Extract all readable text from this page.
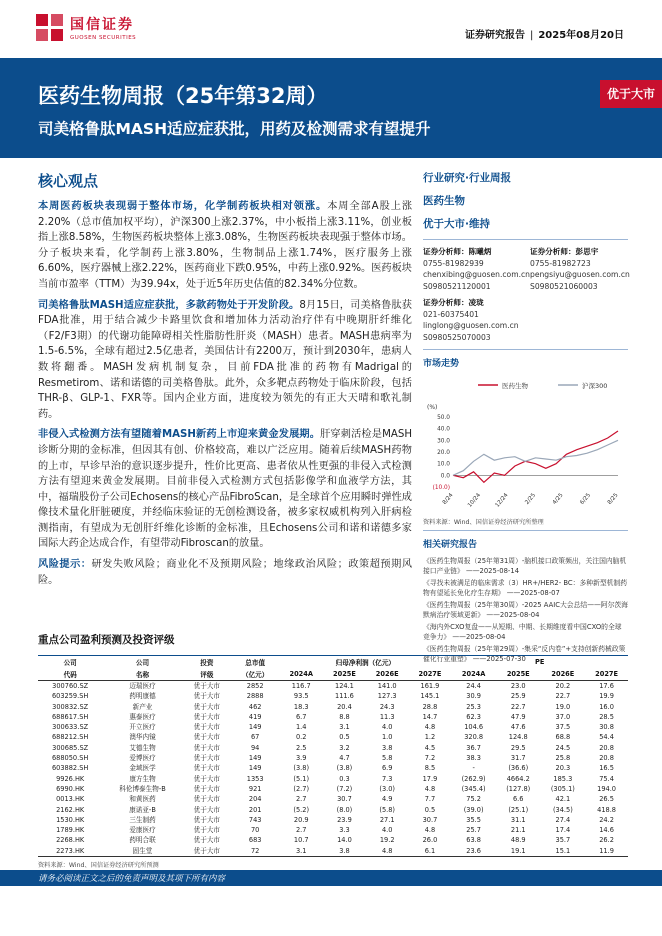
国信证券
GUOSEN SECURITIES	证券研究报告 | 2025年08月20日
医药生物周报（25年第32周）
司美格鲁肽MASH适应症获批，用药及检测需求有望提升
优于大市
核心观点

本周医药板块表现弱于整体市场，化学制药板块相对领涨。本周全部A股上涨2.20%（总市值加权平均），沪深300上涨2.37%，中小板指上涨3.11%，创业板指上涨8.58%，生物医药板块整体上涨3.08%，生物医药板块表现强于整体市场。分子板块来看，化学制药上涨3.80%，生物制品上涨1.74%，医疗服务上涨6.60%，医疗器械上涨2.22%，医药商业下跌0.95%，中药上涨0.92%。医药板块当前市盈率（TTM）为39.94x，处于近5年历史估值的82.34%分位数。

司美格鲁肽MASH适应症获批，多款药物处于开发阶段。8月15日，司美格鲁肽获FDA批准，用于结合减少卡路里饮食和增加体力活动治疗伴有中晚期肝纤维化（F2/F3期）的代谢功能障碍相关性脂肪性肝炎（MASH）患者。MASH患病率为1.5-6.5%，全球有超过2.5亿患者，美国估计有2200万，预计到2030年，患病人数将翻番。MASH发病机制复杂，目前FDA批准的药物有Madrigal的Resmetirom、诺和诺德的司美格鲁肽。此外，众多靶点药物处于临床阶段，包括THR-β、GLP-1、FXR等。国内企业方面，进度较为领先的有正大天晴和歌礼制药。

非侵入式检测方法有望随着MASH新药上市迎来黄金发展期。肝穿刺活检是MASH诊断分期的金标准，但因其有创、价格较高，难以广泛应用。随着后续MASH药物的上市，早诊早治的意识逐步提升，性价比更高、患者依从性更强的非侵入式检测方法有望迎来黄金发展期。目前非侵入式检测方式包括影像学和血液学方法，其中，福瑞股份子公司Echosens的核心产品FibroScan，是全球首个应用瞬时弹性成像技术量化肝脏硬度，并经临床验证的无创检测设备，被多家权威机构列入肝病检测指南，有望成为无创肝纤维化诊断的金标准，且Echosens公司和诺和诺德多家国际大药企达成合作，有望带动Fibroscan的放量。

风险提示：研发失败风险；商业化不及预期风险；地缘政治风险；政策超预期风险。

行业研究·行业周报
医药生物
优于大市·维持
证券分析师：陈曦炳
0755-81982939
chenxibing@guosen.com.cn
S0980521120001
证券分析师：彭思宇
0755-81982723
pengsiyu@guosen.com.cn
S0980521060003
证券分析师：凌珑
021-60375401
linglong@guosen.com.cn
S0980525070003
市场走势
医药生物	沪深300
(%)
50.0
40.0
30.0
20.0
10.0
0.0
(10.0)
8/24 10/24 12/24	2/25	4/25	6/25	8/25
资料来源：Wind、国信证券经济研究所整理
相关研究报告
《医药生物周报（25年第31周）-脑机接口政策频出，关注国内脑机接口产业链》 ——2025-08-14
《寻找未被满足的临床需求（3）HR+/HER2- BC：多种新型机制药物有望延长免化疗生存期》 ——2025-08-07
《医药生物周报（25年第30周）-2025 AAIC大会总结——阿尔茨海默病治疗领域更新》 ——2025-08-04
《海内外CXO复盘——从短期、中期、长期维度看中国CXO的全球竞争力》 ——2025-08-04
《医药生物周报（25年第29周）-集采“反内卷”+支持创新药械政策催化行业重塑》 ——2025-07-30
重点公司盈利预测及投资评级
公司	公司	投资	总市值	归母净利润（亿元）				PE			
代码	名称	评级	（亿元）	2024A	2025E	2026E	2027E	2024A	2025E	2026E	2027E
300760.SZ	迈瑞医疗	优于大市	2852	116.7	124.1	141.0	161.9	24.4	23.0	20.2	17.6
603259.SH	药明康德	优于大市	2888	93.5	111.6	127.3	145.1	30.9	25.9	22.7	19.9
300832.SZ	新产业	优于大市	462	18.3	20.4	24.3	28.8	25.3	22.7	19.0	16.0
688617.SH	惠泰医疗	优于大市	419	6.7	8.8	11.3	14.7	62.3	47.9	37.0	28.5
300633.SZ	开立医疗	优于大市	149	1.4	3.1	4.0	4.8	104.6	47.6	37.5	30.8
688212.SH	澳华内镜	优于大市	67	0.2	0.5	1.0	1.2	320.8	124.8	68.8	54.4
300685.SZ	艾德生物	优于大市	94	2.5	3.2	3.8	4.5	36.7	29.5	24.5	20.8
688050.SH	爱博医疗	优于大市	149	3.9	4.7	5.8	7.2	38.3	31.7	25.8	20.8
603882.SH	金域医学	优于大市	149	(3.8)	(3.8)	6.9	8.5	-	(36.6)	20.3	16.5
9926.HK	康方生物	优于大市	1353	(5.1)	0.3	7.3	17.9	(262.9)	4664.2	185.3	75.4
6990.HK	科伦博泰生物-B	优于大市	921	(2.7)	(7.2)	(3.0)	4.8	(345.4)	(127.8)	(305.1)	194.0
0013.HK	和黄医药	优于大市	204	2.7	30.7	4.9	7.7	75.2	6.6	42.1	26.5
2162.HK	康诺亚-B	优于大市	201	(5.2)	(8.0)	(5.8)	0.5	(39.0)	(25.1)	(34.5)	418.8
1530.HK	三生制药	优于大市	743	20.9	23.9	27.1	30.7	35.5	31.1	27.4	24.2
1789.HK	爱康医疗	优于大市	70	2.7	3.3	4.0	4.8	25.7	21.1	17.4	14.6
2268.HK	药明合联	优于大市	683	10.7	14.0	19.2	26.0	63.8	48.9	35.7	26.2
2273.HK	固生堂	优于大市	72	3.1	3.8	4.8	6.1	23.6	19.1	15.1	11.9
资料来源：Wind、国信证券经济研究所预测
请务必阅读正文之后的免责声明及其项下所有内容
